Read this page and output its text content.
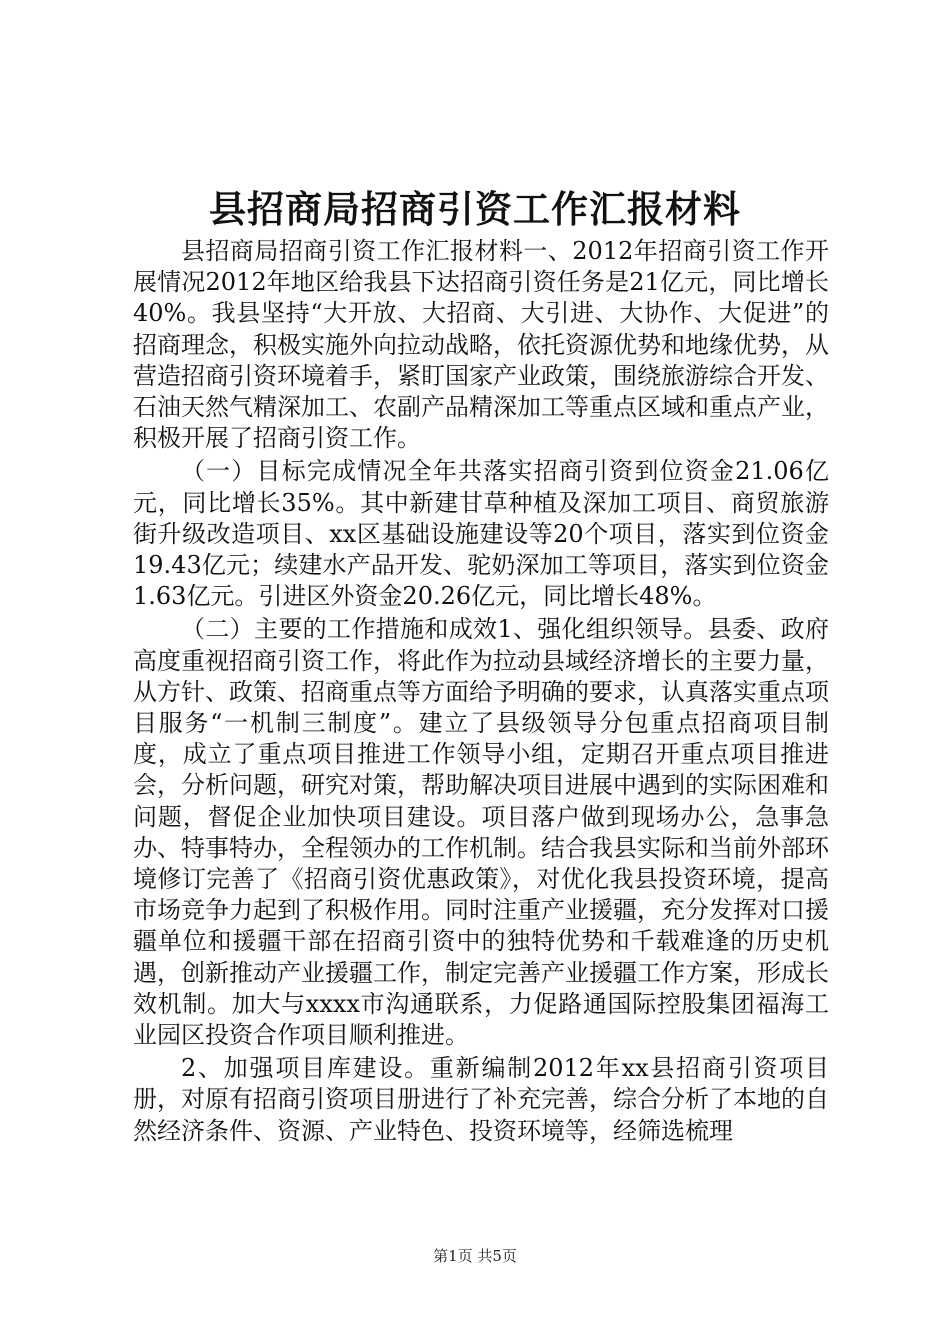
县招商局招商引资工作汇报材料

县招商局招商引资工作汇报材料一、2012年招商引资工作开展情况2012年地区给我县下达招商引资任务是21亿元，同比增长40%。我县坚持“大开放、大招商、大引进、大协作、大促进”的招商理念，积极实施外向拉动战略，依托资源优势和地缘优势，从营造招商引资环境着手，紧盯国家产业政策，围绕旅游综合开发、石油天然气精深加工、农副产品精深加工等重点区域和重点产业，积极开展了招商引资工作。

（一）目标完成情况全年共落实招商引资到位资金21.06亿元，同比增长35%。其中新建甘草种植及深加工项目、商贸旅游街升级改造项目、xx区基础设施建设等20个项目，落实到位资金19.43亿元；续建水产品开发、驼奶深加工等项目，落实到位资金1.63亿元。引进区外资金20.26亿元，同比增长48%。

（二）主要的工作措施和成效1、强化组织领导。县委、政府高度重视招商引资工作，将此作为拉动县域经济增长的主要力量，从方针、政策、招商重点等方面给予明确的要求，认真落实重点项目服务“一机制三制度”。建立了县级领导分包重点招商项目制度，成立了重点项目推进工作领导小组，定期召开重点项目推进会，分析问题，研究对策，帮助解决项目进展中遇到的实际困难和问题，督促企业加快项目建设。项目落户做到现场办公，急事急办、特事特办，全程领办的工作机制。结合我县实际和当前外部环境修订完善了《招商引资优惠政策》，对优化我县投资环境，提高市场竞争力起到了积极作用。同时注重产业援疆，充分发挥对口援疆单位和援疆干部在招商引资中的独特优势和千载难逢的历史机遇，创新推动产业援疆工作，制定完善产业援疆工作方案，形成长效机制。加大与xxxx市沟通联系，力促路通国际控股集团福海工业园区投资合作项目顺利推进。

2、加强项目库建设。重新编制2012年xx县招商引资项目册，对原有招商引资项目册进行了补充完善，综合分析了本地的自然经济条件、资源、产业特色、投资环境等，经筛选梳理

第1页 共5页
